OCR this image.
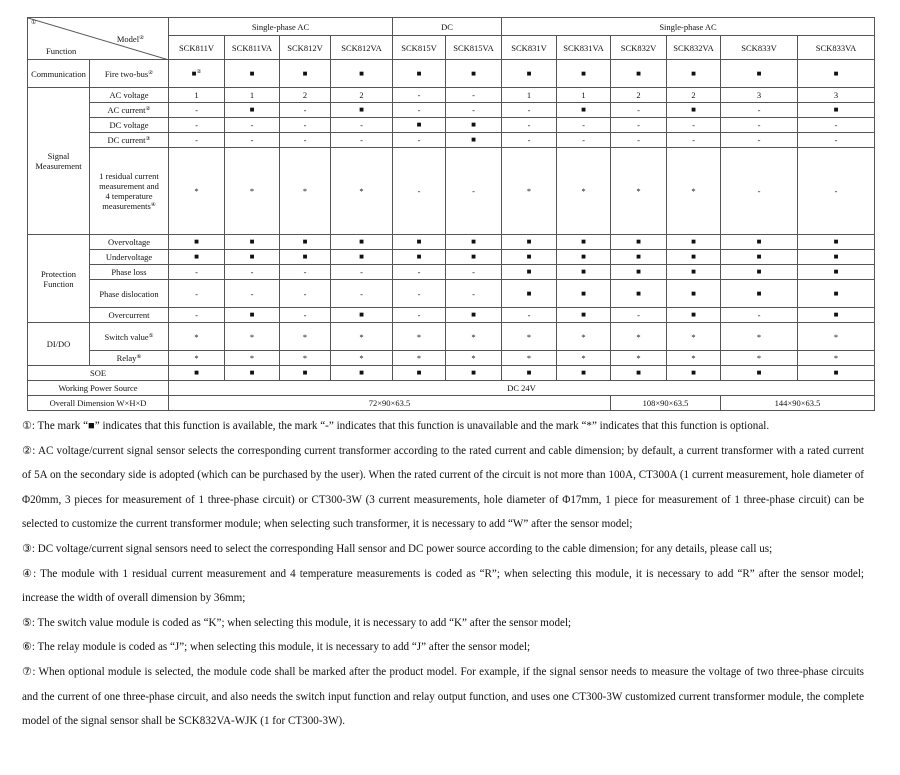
①
Model②
Function		Single-phase AC				DC		Single-phase AC					
		SCK811V	SCK811VA	SCK812V	SCK812VA	SCK815V	SCK815VA	SCK831V	SCK831VA	SCK832V	SCK832VA	SCK833V	SCK833VA
Communication	Fire two-bus②	■②	■	■	■	■	■	■	■	■	■	■	■
Signal Measurement	AC voltage	1	1	2	2	-	-	1	1	2	2	3	3
	AC current②	-	■	-	■	-	-	-	■	-	■	-	■
	DC voltage	-	-	-	-	■	■	-	-	-	-	-	-
	DC current③	-	-	-	-	-	■	-	-	-	-	-	-
	1 residual current measurement and 4 temperature measurements④	*	*	*	*	-	-	*	*	*	*	-	-
Protection Function	Overvoltage	■	■	■	■	■	■	■	■	■	■	■	■
	Undervoltage	■	■	■	■	■	■	■	■	■	■	■	■
	Phase loss	-	-	-	-	-	-	■	■	■	■	■	■
	Phase dislocation	-	-	-	-	-	-	■	■	■	■	■	■
	Overcurrent	-	■	-	■	-	■	-	■	-	■	-	■
DI/DO	Switch value⑤	*	*	*	*	*	*	*	*	*	*	*	*
	Relay⑥	*	*	*	*	*	*	*	*	*	*	*	*
SOE		■	■	■	■	■	■	■	■	■	■	■	■
Working Power Source		DC 24V											
Overall Dimension W×H×D		72×90×63.5								108×90×63.5		144×90×63.5	

①: The mark “■” indicates that this function is available, the mark “-” indicates that this function is unavailable and the mark “*” indicates that this function is optional.

②: AC voltage/current signal sensor selects the corresponding current transformer according to the rated current and cable dimension; by default, a current transformer with a rated current of 5A on the secondary side is adopted (which can be purchased by the user). When the rated current of the circuit is not more than 100A, CT300A (1 current measurement, hole diameter of Φ20mm, 3 pieces for measurement of 1 three-phase circuit) or CT300-3W (3 current measurements, hole diameter of Φ17mm, 1 piece for measurement of 1 three-phase circuit) can be selected to customize the current transformer module; when selecting such transformer, it is necessary to add “W” after the sensor model;

③: DC voltage/current signal sensors need to select the corresponding Hall sensor and DC power source according to the cable dimension; for any details, please call us;

④: The module with 1 residual current measurement and 4 temperature measurements is coded as “R”; when selecting this module, it is necessary to add “R” after the sensor model; increase the width of overall dimension by 36mm;

⑤: The switch value module is coded as “K”; when selecting this module, it is necessary to add “K” after the sensor model;

⑥: The relay module is coded as “J”; when selecting this module, it is necessary to add “J” after the sensor model;

⑦: When optional module is selected, the module code shall be marked after the product model. For example, if the signal sensor needs to measure the voltage of two three-phase circuits and the current of one three-phase circuit, and also needs the switch input function and relay output function, and uses one CT300-3W customized current transformer module, the complete model of the signal sensor shall be SCK832VA-WJK (1 for CT300-3W).
